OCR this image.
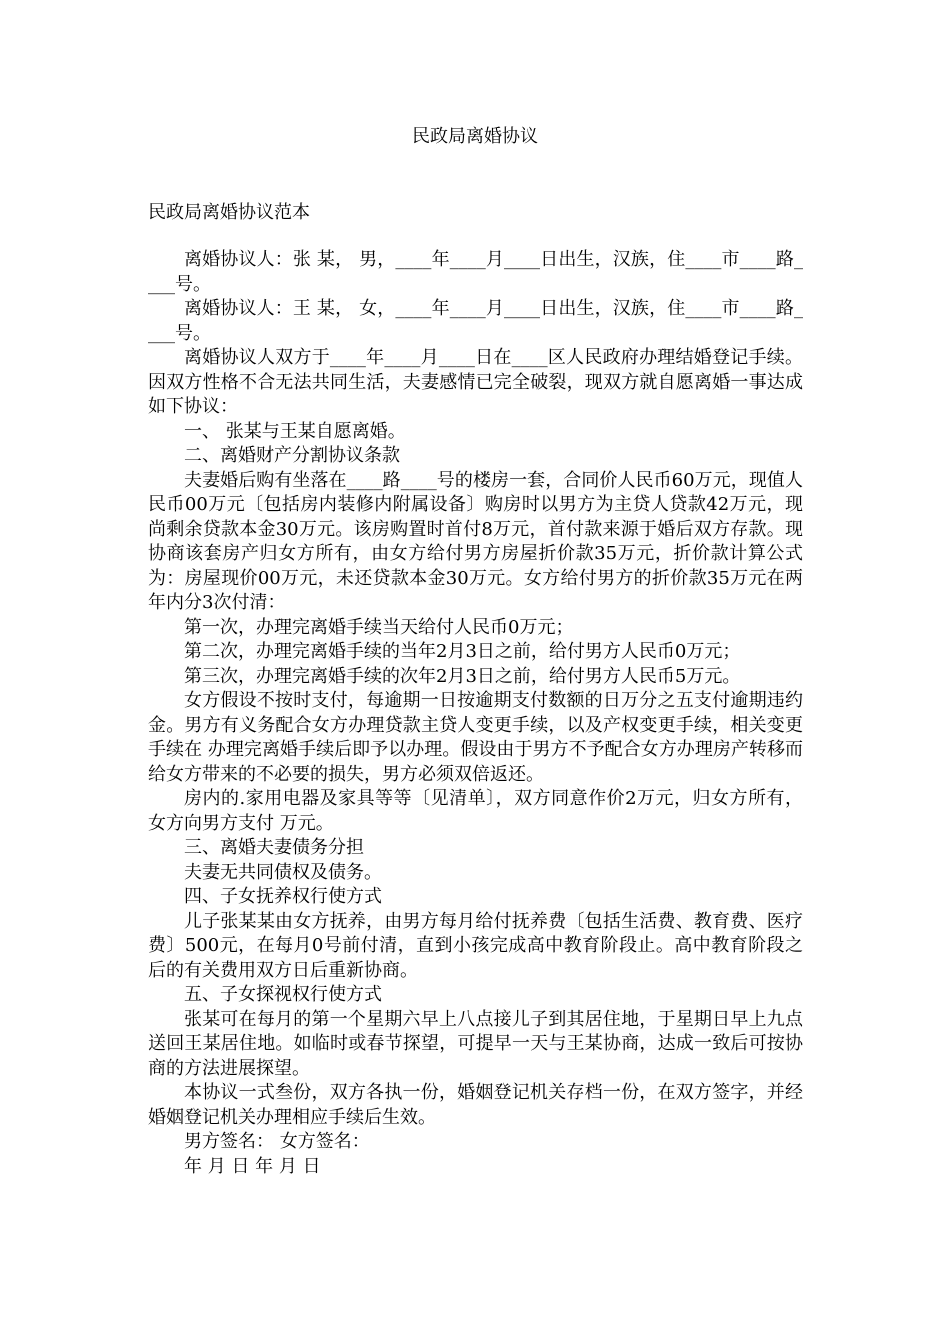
民政局离婚协议
民政局离婚协议范本

离婚协议人：张 某， 男，____年____月____日出生，汉族，住____市____路____号。

离婚协议人：王 某， 女，____年____月____日出生，汉族，住____市____路____号。

离婚协议人双方于____年____月____日在____区人民政府办理结婚登记手续。因双方性格不合无法共同生活，夫妻感情已完全破裂，现双方就自愿离婚一事达成如下协议：

一、 张某与王某自愿离婚。

二、离婚财产分割协议条款

夫妻婚后购有坐落在____路____号的楼房一套，合同价人民币60万元，现值人民币00万元〔包括房内装修内附属设备〕购房时以男方为主贷人贷款42万元，现尚剩余贷款本金30万元。该房购置时首付8万元，首付款来源于婚后双方存款。现协商该套房产归女方所有，由女方给付男方房屋折价款35万元，折价款计算公式为：房屋现价00万元，未还贷款本金30万元。女方给付男方的折价款35万元在两年内分3次付清：

第一次，办理完离婚手续当天给付人民币0万元；

第二次，办理完离婚手续的当年2月3日之前，给付男方人民币0万元；

第三次，办理完离婚手续的次年2月3日之前，给付男方人民币5万元。

女方假设不按时支付，每逾期一日按逾期支付数额的日万分之五支付逾期违约金。男方有义务配合女方办理贷款主贷人变更手续，以及产权变更手续，相关变更手续在 办理完离婚手续后即予以办理。假设由于男方不予配合女方办理房产转移而给女方带来的不必要的损失，男方必须双倍返还。

房内的.家用电器及家具等等〔见清单〕，双方同意作价2万元，归女方所有，女方向男方支付 万元。

三、离婚夫妻债务分担

夫妻无共同债权及债务。

四、子女抚养权行使方式

儿子张某某由女方抚养，由男方每月给付抚养费〔包括生活费、教育费、医疗费〕500元，在每月0号前付清，直到小孩完成高中教育阶段止。高中教育阶段之后的有关费用双方日后重新协商。

五、子女探视权行使方式

张某可在每月的第一个星期六早上八点接儿子到其居住地，于星期日早上九点送回王某居住地。如临时或春节探望，可提早一天与王某协商，达成一致后可按协商的方法进展探望。

本协议一式叁份，双方各执一份，婚姻登记机关存档一份，在双方签字，并经婚姻登记机关办理相应手续后生效。

男方签名： 女方签名：

年 月 日 年 月 日
